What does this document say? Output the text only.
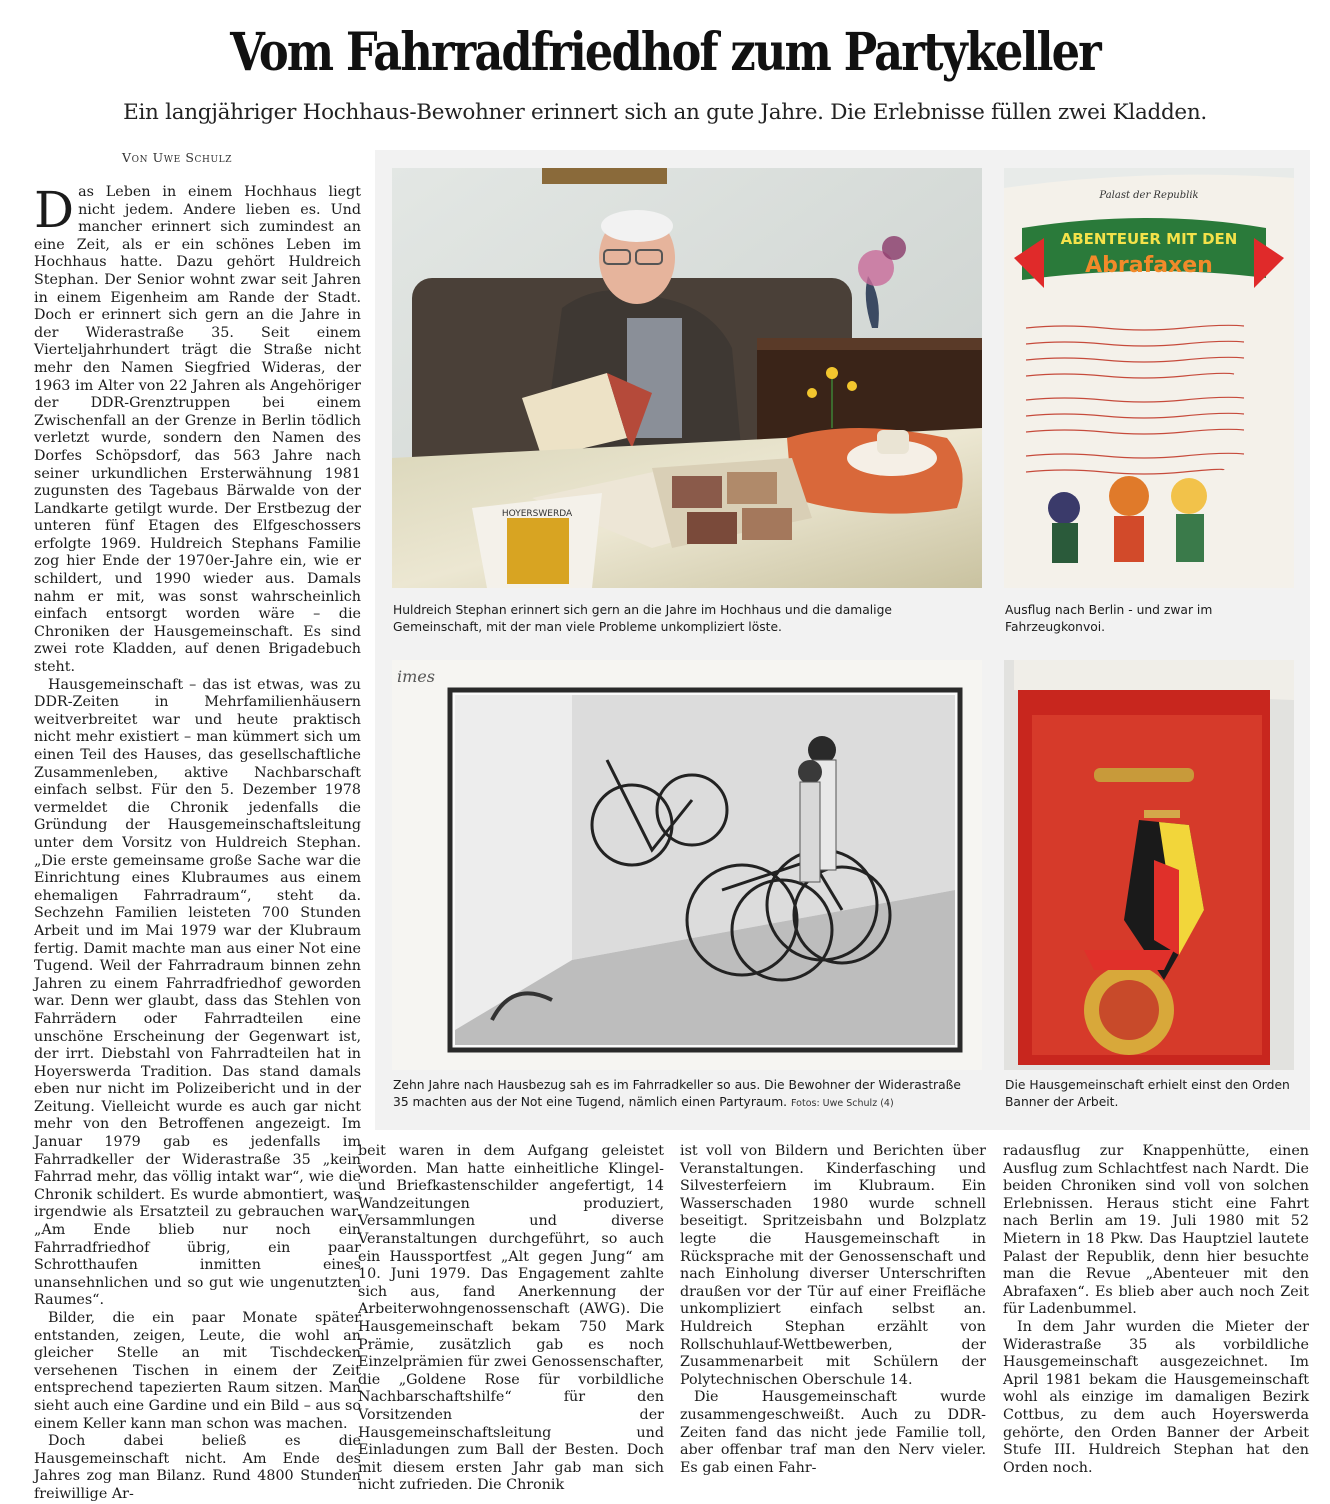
Vom Fahrradfriedhof zum Partykeller
Ein langjähriger Hochhaus-Bewohner erinnert sich an gute Jahre. Die Erlebnisse füllen zwei Kladden.
Von Uwe Schulz
HOYERSWERDA
Huldreich Stephan erinnert sich gern an die Jahre im Hochhaus und die damalige Gemeinschaft, mit der man viele Probleme unkompliziert löste.
Palast der Republik
ABENTEUER MIT DEN
Abrafaxen
Ausflug nach Berlin - und zwar im Fahrzeugkonvoi.
imes
Zehn Jahre nach Hausbezug sah es im Fahrradkeller so aus. Die Bewohner der Widerastraße 35 machten aus der Not eine Tugend, nämlich einen Partyraum. Fotos: Uwe Schulz (4)
Die Hausgemeinschaft erhielt einst den Orden Banner der Arbeit.

Das Leben in einem Hochhaus liegt nicht jedem. Andere lieben es. Und mancher erinnert sich zumindest an eine Zeit, als er ein schönes Leben im Hochhaus hatte. Dazu gehört Huldreich Stephan. Der Senior wohnt zwar seit Jahren in einem Eigenheim am Rande der Stadt. Doch er erinnert sich gern an die Jahre in der Widerastraße 35. Seit einem Vierteljahrhundert trägt die Straße nicht mehr den Namen Siegfried Wideras, der 1963 im Alter von 22 Jahren als Angehöriger der DDR-Grenztruppen bei einem Zwischenfall an der Grenze in Berlin tödlich verletzt wurde, sondern den Namen des Dorfes Schöpsdorf, das 563 Jahre nach seiner urkundlichen Ersterwähnung 1981 zugunsten des Tagebaus Bärwalde von der Landkarte getilgt wurde. Der Erstbezug der unteren fünf Etagen des Elfgeschossers erfolgte 1969. Huldreich Stephans Familie zog hier Ende der 1970er-Jahre ein, wie er schildert, und 1990 wieder aus. Damals nahm er mit, was sonst wahrscheinlich einfach entsorgt worden wäre – die Chroniken der Hausgemeinschaft. Es sind zwei rote Kladden, auf denen Brigadebuch steht.

Hausgemeinschaft – das ist etwas, was zu DDR-Zeiten in Mehrfamilienhäusern weitverbreitet war und heute praktisch nicht mehr existiert – man kümmert sich um einen Teil des Hauses, das gesellschaftliche Zusammenleben, aktive Nachbarschaft einfach selbst. Für den 5. Dezember 1978 vermeldet die Chronik jedenfalls die Gründung der Hausgemeinschaftsleitung unter dem Vorsitz von Huldreich Stephan. „Die erste gemeinsame große Sache war die Einrichtung eines Klubraumes aus einem ehemaligen Fahrradraum“, steht da. Sechzehn Familien leisteten 700 Stunden Arbeit und im Mai 1979 war der Klubraum fertig. Damit machte man aus einer Not eine Tugend. Weil der Fahrradraum binnen zehn Jahren zu einem Fahrradfriedhof geworden war. Denn wer glaubt, dass das Stehlen von Fahrrädern oder Fahrradteilen eine unschöne Erscheinung der Gegenwart ist, der irrt. Diebstahl von Fahrradteilen hat in Hoyerswerda Tradition. Das stand damals eben nur nicht im Polizeibericht und in der Zeitung. Vielleicht wurde es auch gar nicht mehr von den Betroffenen angezeigt. Im Januar 1979 gab es jedenfalls im Fahrradkeller der Widerastraße 35 „kein Fahrrad mehr, das völlig intakt war“, wie die Chronik schildert. Es wurde abmontiert, was irgendwie als Ersatzteil zu gebrauchen war. „Am Ende blieb nur noch ein Fahrradfriedhof übrig, ein paar Schrotthaufen inmitten eines unansehnlichen und so gut wie ungenutzten Raumes“.

Bilder, die ein paar Monate später entstanden, zeigen, Leute, die wohl an gleicher Stelle an mit Tischdecken versehenen Tischen in einem der Zeit entsprechend tapezierten Raum sitzen. Man sieht auch eine Gardine und ein Bild – aus so einem Keller kann man schon was machen.

Doch dabei beließ es die Hausgemeinschaft nicht. Am Ende des Jahres zog man Bilanz. Rund 4800 Stunden freiwillige Ar-

beit waren in dem Aufgang geleistet worden. Man hatte einheitliche Klingel- und Briefkastenschilder angefertigt, 14 Wandzeitungen produziert, Versammlungen und diverse Veranstaltungen durchgeführt, so auch ein Haussportfest „Alt gegen Jung“ am 10. Juni 1979. Das Engagement zahlte sich aus, fand Anerkennung der Arbeiterwohngenossenschaft (AWG). Die Hausgemeinschaft bekam 750 Mark Prämie, zusätzlich gab es noch Einzelprämien für zwei Genossenschafter, die „Goldene Rose für vorbildliche Nachbarschaftshilfe“ für den Vorsitzenden der Hausgemeinschaftsleitung und Einladungen zum Ball der Besten. Doch mit diesem ersten Jahr gab man sich nicht zufrieden. Die Chronik

ist voll von Bildern und Berichten über Veranstaltungen. Kinderfasching und Silvesterfeiern im Klubraum. Ein Wasserschaden 1980 wurde schnell beseitigt. Spritzeisbahn und Bolzplatz legte die Hausgemeinschaft in Rücksprache mit der Genossenschaft und nach Einholung diverser Unterschriften draußen vor der Tür auf einer Freifläche unkompliziert einfach selbst an. Huldreich Stephan erzählt von Rollschuhlauf-Wettbewerben, der Zusammenarbeit mit Schülern der Polytechnischen Oberschule 14.

Die Hausgemeinschaft wurde zusammengeschweißt. Auch zu DDR-Zeiten fand das nicht jede Familie toll, aber offenbar traf man den Nerv vieler. Es gab einen Fahr-

radausflug zur Knappenhütte, einen Ausflug zum Schlachtfest nach Nardt. Die beiden Chroniken sind voll von solchen Erlebnissen. Heraus sticht eine Fahrt nach Berlin am 19. Juli 1980 mit 52 Mietern in 18 Pkw. Das Hauptziel lautete Palast der Republik, denn hier besuchte man die Revue „Abenteuer mit den Abrafaxen“. Es blieb aber auch noch Zeit für Ladenbummel.

In dem Jahr wurden die Mieter der Widerastraße 35 als vorbildliche Hausgemeinschaft ausgezeichnet. Im April 1981 bekam die Hausgemeinschaft wohl als einzige im damaligen Bezirk Cottbus, zu dem auch Hoyerswerda gehörte, den Orden Banner der Arbeit Stufe III. Huldreich Stephan hat den Orden noch.
